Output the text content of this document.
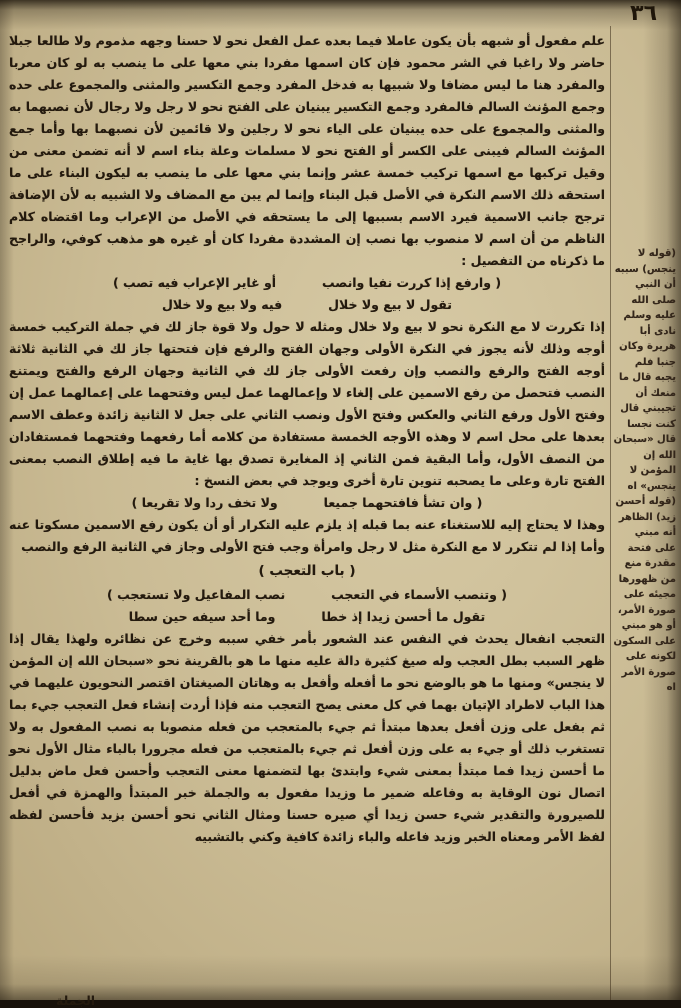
٣٦
(قوله لا ينجس) سببه أن النبي صلى الله عليه وسلم نادى أبا هريرة وكان جنبا فلم يجبه قال ما منعك أن تجيبني قال كنت نجسا قال «سبحان الله إن المؤمن لا ينجس» اه (قوله أحسن زيد) الظاهر أنه مبني على فتحة مقدرة منع من ظهورها مجيئه على صورة الأمر، أو هو مبني على السكون لكونه على صورة الأمر اه

علم مفعول أو شبهه بأن يكون عاملا فيما بعده عمل الفعل نحو لا حسنا وجهه مذموم ولا طالعا جبلا حاضر ولا راغبا في الشر محمود فإن كان اسمها مفردا بني معها على ما ينصب به لو كان معربا والمفرد هنا ما ليس مضافا ولا شبيها به فدخل المفرد وجمع التكسير والمثنى والمجموع على حده وجمع المؤنث السالم فالمفرد وجمع التكسير يبنيان على الفتح نحو لا رجل ولا رجال لأن نصبهما به والمثنى والمجموع على حده يبنيان على الياء نحو لا رجلين ولا قائمين لأن نصبهما بها وأما جمع المؤنث السالم فيبنى على الكسر أو الفتح نحو لا مسلمات وعلة بناء اسم لا أنه تضمن معنى من وقيل تركبها مع اسمها تركيب خمسة عشر وإنما بني معها على ما ينصب به ليكون البناء على ما استحقه ذلك الاسم النكرة في الأصل قبل البناء وإنما لم يبن مع المضاف ولا الشبيه به لأن الإضافة ترجح جانب الاسمية فيرد الاسم بسببها إلى ما يستحقه في الأصل من الإعراب وما اقتضاه كلام الناظم من أن اسم لا منصوب بها نصب إن المشددة مفردا كان أو غيره هو مذهب كوفي، والراجح ما ذكرناه من التفصيل :

( وارفع إذا كررت نفيا وانصب
أو غاير الإعراب فيه تصب )
تقول لا بيع ولا خلال
فيه ولا بيع ولا خلال

إذا تكررت لا مع النكرة نحو لا بيع ولا خلال ومثله لا حول ولا قوة جاز لك في جملة التركيب خمسة أوجه وذلك لأنه يجوز في النكرة الأولى وجهان الفتح والرفع فإن فتحتها جاز لك في الثانية ثلاثة أوجه الفتح والرفع والنصب وإن رفعت الأولى جاز لك في الثانية وجهان الرفع والفتح ويمتنع النصب فتحصل من رفع الاسمين على إلغاء لا وإعمالهما عمل ليس وفتحهما على إعمالهما عمل إن وفتح الأول ورفع الثاني والعكس وفتح الأول ونصب الثاني على جعل لا الثانية زائدة وعطف الاسم بعدها على محل اسم لا وهذه الأوجه الخمسة مستفادة من كلامه أما رفعهما وفتحهما فمستفادان من النصف الأول، وأما البقية فمن الثاني إذ المغايرة تصدق بها غاية ما فيه إطلاق النصب بمعنى الفتح تارة وعلى ما يصحبه تنوين تارة أخرى ويوجد في بعض النسخ :

( وان تشأ فافتحهما جميعا
ولا تخف ردا ولا تقريعا )

وهذا لا يحتاج إليه للاستغناء عنه بما قبله إذ يلزم عليه التكرار أو أن يكون رفع الاسمين مسكوتا عنه وأما إذا لم تتكرر لا مع النكرة مثل لا رجل وامرأة وجب فتح الأولى وجاز في الثانية الرفع والنصب

( باب التعجب )
( وتنصب الأسماء في التعجب
نصب المفاعيل ولا تستعجب )
تقول ما أحسن زيدا إذ خطا
وما أحد سيفه حين سطا

التعجب انفعال يحدث في النفس عند الشعور بأمر خفي سببه وخرج عن نظائره ولهذا يقال إذا ظهر السبب بطل العجب وله صيغ كثيرة دالة عليه منها ما هو بالقرينة نحو «سبحان الله إن المؤمن لا ينجس» ومنها ما هو بالوضع نحو ما أفعله وأفعل به وهاتان الصيغتان اقتصر النحويون عليهما في هذا الباب لاطراد الإتيان بهما في كل معنى يصح التعجب منه فإذا أردت إنشاء فعل التعجب جيء بما ثم بفعل على وزن أفعل بعدها مبتدأ ثم جيء بالمتعجب من فعله منصوبا به نصب المفعول به ولا تستغرب ذلك أو جيء به على وزن أفعل ثم جيء بالمتعجب من فعله مجرورا بالباء مثال الأول نحو ما أحسن زيدا فما مبتدأ بمعنى شيء وابتدئ بها لتضمنها معنى التعجب وأحسن فعل ماض بدليل اتصال نون الوقاية به وفاعله ضمير ما وزيدا مفعول به والجملة خبر المبتدأ والهمزة في أفعل للصيرورة والتقدير شيء حسن زيدا أي صيره حسنا ومثال الثاني نحو أحسن بزيد فأحسن لفظه لفظ الأمر ومعناه الخبر وزيد فاعله والباء زائدة كافية وكني بالتشبيه

الجملة
